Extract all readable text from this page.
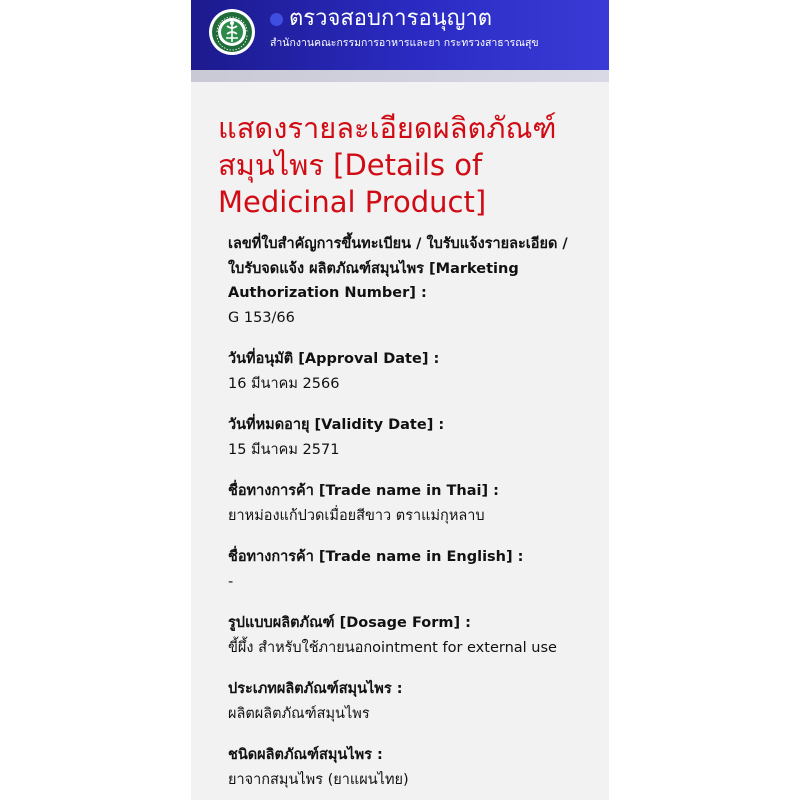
ตรวจสอบการอนุญาต
สำนักงานคณะกรรมการอาหารและยา กระทรวงสาธารณสุข
แสดงรายละเอียดผลิตภัณฑ์สมุนไพร [Details of Medicinal Product]
เลขที่ใบสำคัญการขึ้นทะเบียน / ใบรับแจ้งรายละเอียด / ใบรับจดแจ้ง ผลิตภัณฑ์สมุนไพร [Marketing Authorization Number] :
G 153/66
วันที่อนุมัติ [Approval Date] :
16 มีนาคม 2566
วันที่หมดอายุ [Validity Date] :
15 มีนาคม 2571
ชื่อทางการค้า [Trade name in Thai] :
ยาหม่องแก้ปวดเมื่อยสีขาว ตราแม่กุหลาบ
ชื่อทางการค้า [Trade name in English] :
-
รูปแบบผลิตภัณฑ์ [Dosage Form] :
ขี้ผึ้ง สำหรับใช้ภายนอกointment for external use
ประเภทผลิตภัณฑ์สมุนไพร :
ผลิตผลิตภัณฑ์สมุนไพร
ชนิดผลิตภัณฑ์สมุนไพร :
ยาจากสมุนไพร (ยาแผนไทย)
